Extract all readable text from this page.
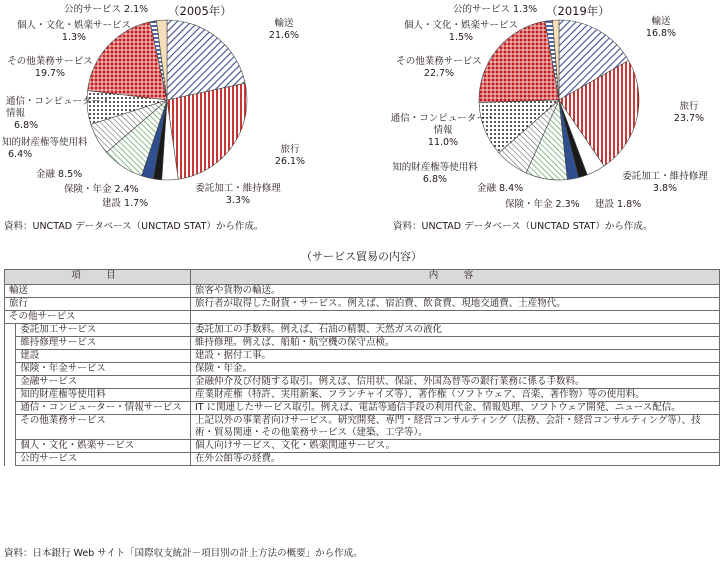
（2005年）
公的サービス 2.1%
個人・文化・娯楽サービス
1.3%
その他業務サービス
19.7%
通信・コンピューター・
情報
6.8%
知的財産権等使用料
6.4%
金融 8.5%
保険・年金 2.4%
建設 1.7%
委託加工・維持修理
3.3%
旅行
26.1%
輸送
21.6%
資料：UNCTAD データベース（UNCTAD STAT）から作成。
（2019年）
公的サービス 1.3%
個人・文化・娯楽サービス
1.5%
その他業務サービス
22.7%
通信・コンピューター・
情報
11.0%
知的財産権等使用料
6.8%
金融 8.4%
保険・年金 2.3% 建設 1.8%
委託加工・維持修理
3.8%
旅行
23.7%
輸送
16.8%
資料：UNCTAD データベース（UNCTAD STAT）から作成。
（サービス貿易の内容）
項　目		内　容
輸送		旅客や貨物の輸送。
旅行		旅行者が取得した財貨・サービス。例えば、宿泊費、飲食費、現地交通費、土産物代。
その他サービス		
	委託加工サービス	委託加工の手数料。例えば、石油の精製、天然ガスの液化
	維持修理サービス	維持修理。例えば、船舶・航空機の保守点検。
	建設	建設・据付工事。
	保険・年金サービス	保険・年金。
	金融サービス	金融仲介及び付随する取引。例えば、信用状、保証、外国為替等の銀行業務に係る手数料。
	知的財産権等使用料	産業財産権（特許、実用新案、フランチャイズ等）、著作権（ソフトウェア、音楽、著作物）等の使用料。
	通信・コンピューター・情報サービス	IT に関連したサービス取引。例えば、電話等通信手段の利用代金、情報処理、ソフトウェア開発、ニュース配信。
	その他業務サービス	上記以外の事業者向けサービス。研究開発、専門・経営コンサルティング（法務、会計・経営コンサルティング等）、技術・貿易関連・その他業務サービス（建築、工学等）。
	個人・文化・娯楽サービス	個人向けサービス、文化・娯楽関連サービス。
	公的サービス	在外公館等の経費。
資料：日本銀行 Web サイト「国際収支統計－項目別の計上方法の概要」から作成。
